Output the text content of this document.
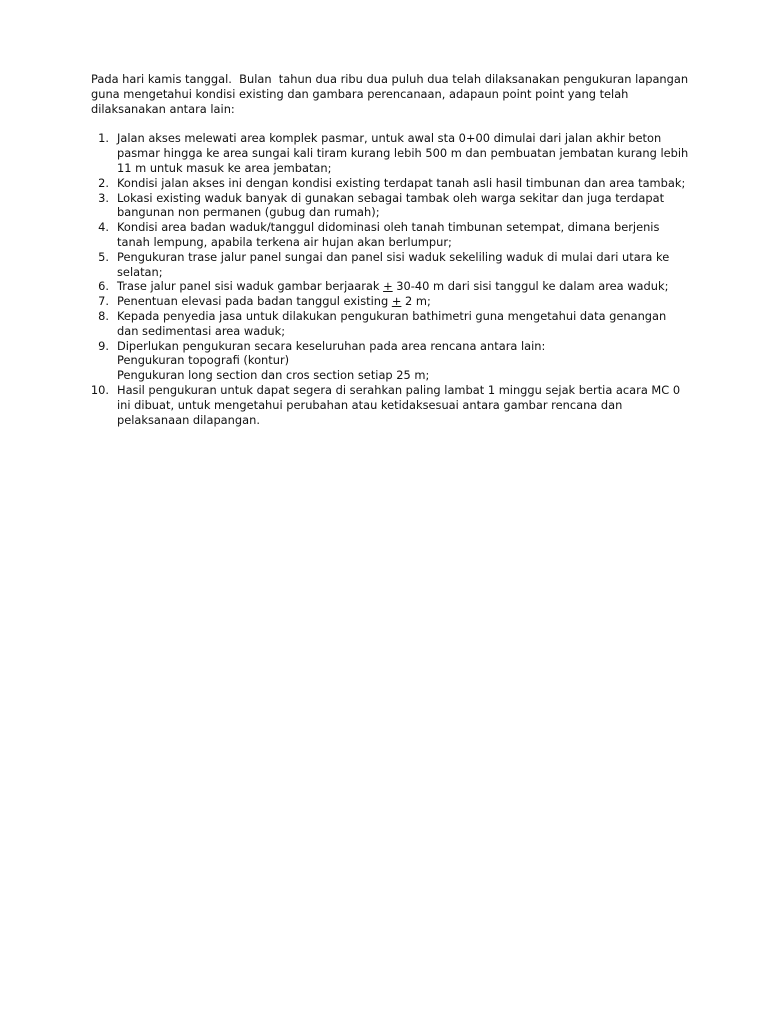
Pada hari kamis tanggal.  Bulan  tahun dua ribu dua puluh dua telah dilaksanakan pengukuran lapangan guna mengetahui kondisi existing dan gambara perencanaan, adapaun point point yang telah dilaksanakan antara lain:

1. Jalan akses melewati area komplek pasmar, untuk awal sta 0+00 dimulai dari jalan akhir beton pasmar hingga ke area sungai kali tiram kurang lebih 500 m dan pembuatan jembatan kurang lebih 11 m untuk masuk ke area jembatan;
2. Kondisi jalan akses ini dengan kondisi existing terdapat tanah asli hasil timbunan dan area tambak;
3. Lokasi existing waduk banyak di gunakan sebagai tambak oleh warga sekitar dan juga terdapat bangunan non permanen (gubug dan rumah);
4. Kondisi area badan waduk/tanggul didominasi oleh tanah timbunan setempat, dimana berjenis tanah lempung, apabila terkena air hujan akan berlumpur;
5. Pengukuran trase jalur panel sungai dan panel sisi waduk sekeliling waduk di mulai dari utara ke selatan;
6. Trase jalur panel sisi waduk gambar berjaarak + 30-40 m dari sisi tanggul ke dalam area waduk;
7. Penentuan elevasi pada badan tanggul existing + 2 m;
8. Kepada penyedia jasa untuk dilakukan pengukuran bathimetri guna mengetahui data genangan dan sedimentasi area waduk;
9. Diperlukan pengukuran secara keseluruhan pada area rencana antara lain:
Pengukuran topografi (kontur)
Pengukuran long section dan cros section setiap 25 m;
10. Hasil pengukuran untuk dapat segera di serahkan paling lambat 1 minggu sejak bertia acara MC 0 ini dibuat, untuk mengetahui perubahan atau ketidaksesuai antara gambar rencana dan pelaksanaan dilapangan.
